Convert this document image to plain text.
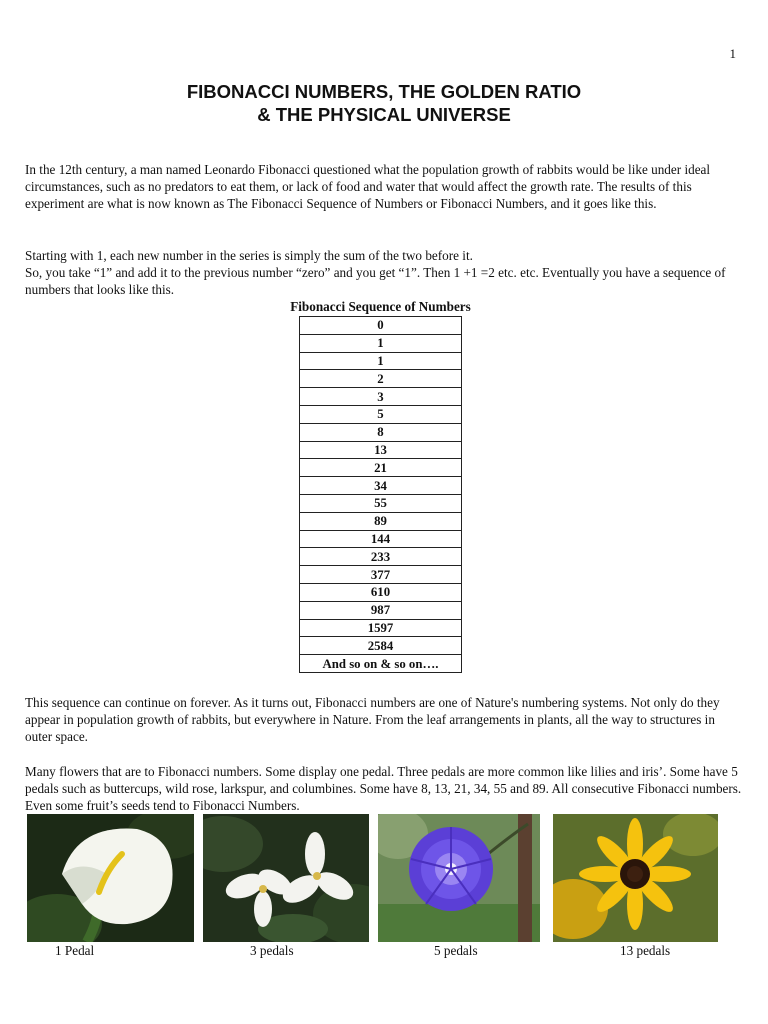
1
FIBONACCI NUMBERS, THE GOLDEN RATIO
& THE PHYSICAL UNIVERSE

In the 12th century, a man named Leonardo Fibonacci questioned what the population growth of rabbits would be like under ideal circumstances, such as no predators to eat them, or lack of food and water that would affect the growth rate. The results of this experiment are what is now known as The Fibonacci Sequence of Numbers or Fibonacci Numbers, and it goes like this.

Starting with 1, each new number in the series is simply the sum of the two before it.
So, you take “1” and add it to the previous number “zero” and you get “1”. Then 1 +1 =2 etc. etc. Eventually you have a sequence of numbers that looks like this.
Fibonacci Sequence of Numbers
0
1
1
2
3
5
8
13
21
34
55
89
144
233
377
610
987
1597
2584
And so on & so on….

This sequence can continue on forever. As it turns out, Fibonacci numbers are one of Nature's numbering systems. Not only do they appear in population growth of rabbits, but everywhere in Nature. From the leaf arrangements in plants, all the way to structures in outer space.

Many flowers that are to Fibonacci numbers. Some display one pedal. Three pedals are more common like lilies and iris’. Some have 5 pedals such as buttercups, wild rose, larkspur, and columbines. Some have 8, 13, 21, 34, 55 and 89. All consecutive Fibonacci numbers. Even some fruit’s seeds tend to Fibonacci Numbers.

1 Pedal	3 pedals	5 pedals	13 pedals
